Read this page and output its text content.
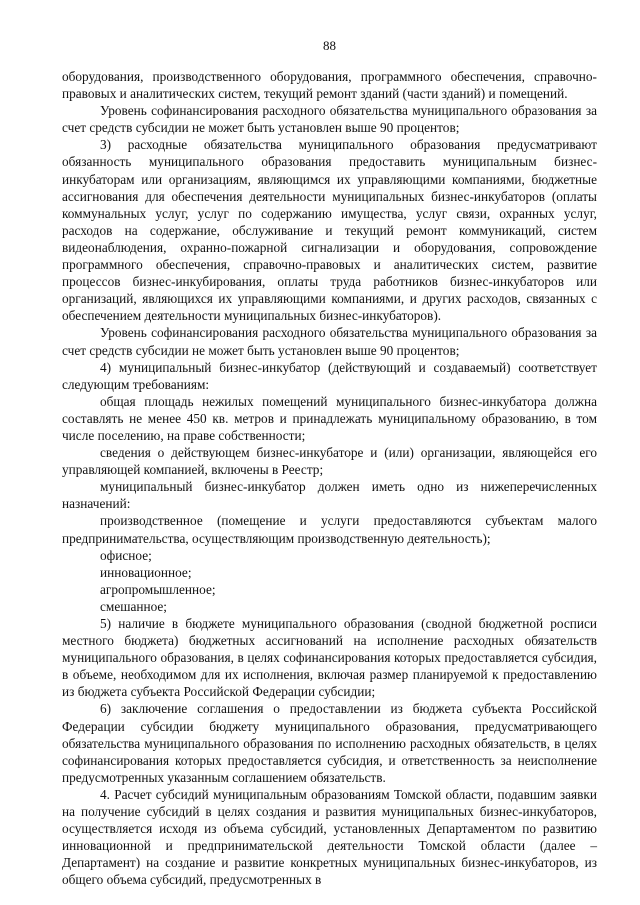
88

оборудования, производственного оборудования, программного обеспечения, справочно-правовых и аналитических систем, текущий ремонт зданий (части зданий) и помещений.

Уровень софинансирования расходного обязательства муниципального образования за счет средств субсидии не может быть установлен выше 90 процентов;

3) расходные обязательства муниципального образования предусматривают обязанность муниципального образования предоставить муниципальным бизнес-инкубаторам или организациям, являющимся их управляющими компаниями, бюджетные ассигнования для обеспечения деятельности муниципальных бизнес-инкубаторов (оплаты коммунальных услуг, услуг по содержанию имущества, услуг связи, охранных услуг, расходов на содержание, обслуживание и текущий ремонт коммуникаций, систем видеонаблюдения, охранно-пожарной сигнализации и оборудования, сопровождение программного обеспечения, справочно-правовых и аналитических систем, развитие процессов бизнес-инкубирования, оплаты труда работников бизнес-инкубаторов или организаций, являющихся их управляющими компаниями, и других расходов, связанных с обеспечением деятельности муниципальных бизнес-инкубаторов).

Уровень софинансирования расходного обязательства муниципального образования за счет средств субсидии не может быть установлен выше 90 процентов;

4) муниципальный бизнес-инкубатор (действующий и создаваемый) соответствует следующим требованиям:

общая площадь нежилых помещений муниципального бизнес-инкубатора должна составлять не менее 450 кв. метров и принадлежать муниципальному образованию, в том числе поселению, на праве собственности;

сведения о действующем бизнес-инкубаторе и (или) организации, являющейся его управляющей компанией, включены в Реестр;

муниципальный бизнес-инкубатор должен иметь одно из нижеперечисленных назначений:

производственное (помещение и услуги предоставляются субъектам малого предпринимательства, осуществляющим производственную деятельность);

офисное;

инновационное;

агропромышленное;

смешанное;

5) наличие в бюджете муниципального образования (сводной бюджетной росписи местного бюджета) бюджетных ассигнований на исполнение расходных обязательств муниципального образования, в целях софинансирования которых предоставляется субсидия, в объеме, необходимом для их исполнения, включая размер планируемой к предоставлению из бюджета субъекта Российской Федерации субсидии;

6) заключение соглашения о предоставлении из бюджета субъекта Российской Федерации субсидии бюджету муниципального образования, предусматривающего обязательства муниципального образования по исполнению расходных обязательств, в целях софинансирования которых предоставляется субсидия, и ответственность за неисполнение предусмотренных указанным соглашением обязательств.

4. Расчет субсидий муниципальным образованиям Томской области, подавшим заявки на получение субсидий в целях создания и развития муниципальных бизнес-инкубаторов, осуществляется исходя из объема субсидий, установленных Департаментом по развитию инновационной и предпринимательской деятельности Томской области (далее – Департамент) на создание и развитие конкретных муниципальных бизнес-инкубаторов, из общего объема субсидий, предусмотренных в
